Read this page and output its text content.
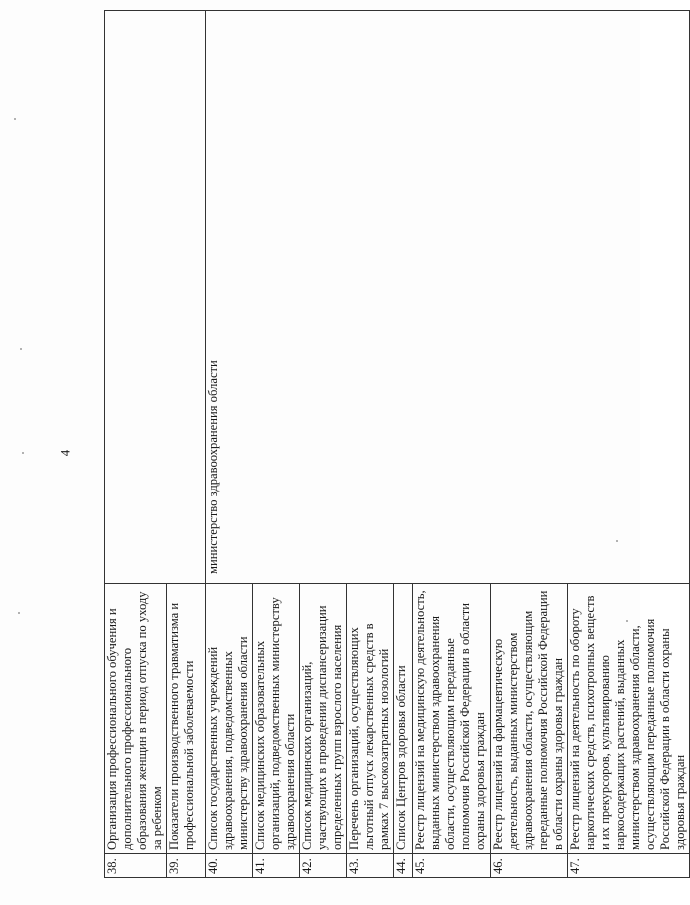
4
38.	Организация профессионального обучения и дополнительного профессионального образования женщин в период отпуска по уходу за ребенком	
39.	Показатели производственного травматизма и профессиональной заболеваемости	
40.	Список государственных учреждений здравоохранения, подведомственных министерству здравоохранения области	министерство здравоохранения области

41.	Список медицинских образовательных организаций, подведомственных министерству здравоохранения области	
42.	Список медицинских организаций, участвующих в проведении диспансеризации определенных групп взрослого населения	
43.	Перечень организаций, осуществляющих льготный отпуск лекарственных средств в рамках 7 высокозатратных нозологий	
44.	Список Центров здоровья области	
45.	Реестр лицензий на медицинскую деятельность, выданных министерством здравоохранения области, осуществляющим переданные полномочия Российской Федерации в области охраны здоровья граждан	
46.	Реестр лицензий на фармацевтическую деятельность, выданных министерством здравоохранения области, осуществляющим переданные полномочия Российской Федерации в области охраны здоровья граждан	
47.	Реестр лицензий на деятельность по обороту наркотических средств, психотропных веществ и их прекурсоров, культивированию наркосодержащих растений, выданных министерством здравоохранения области, осуществляющим переданные полномочия Российской Федерации в области охраны здоровья граждан	
